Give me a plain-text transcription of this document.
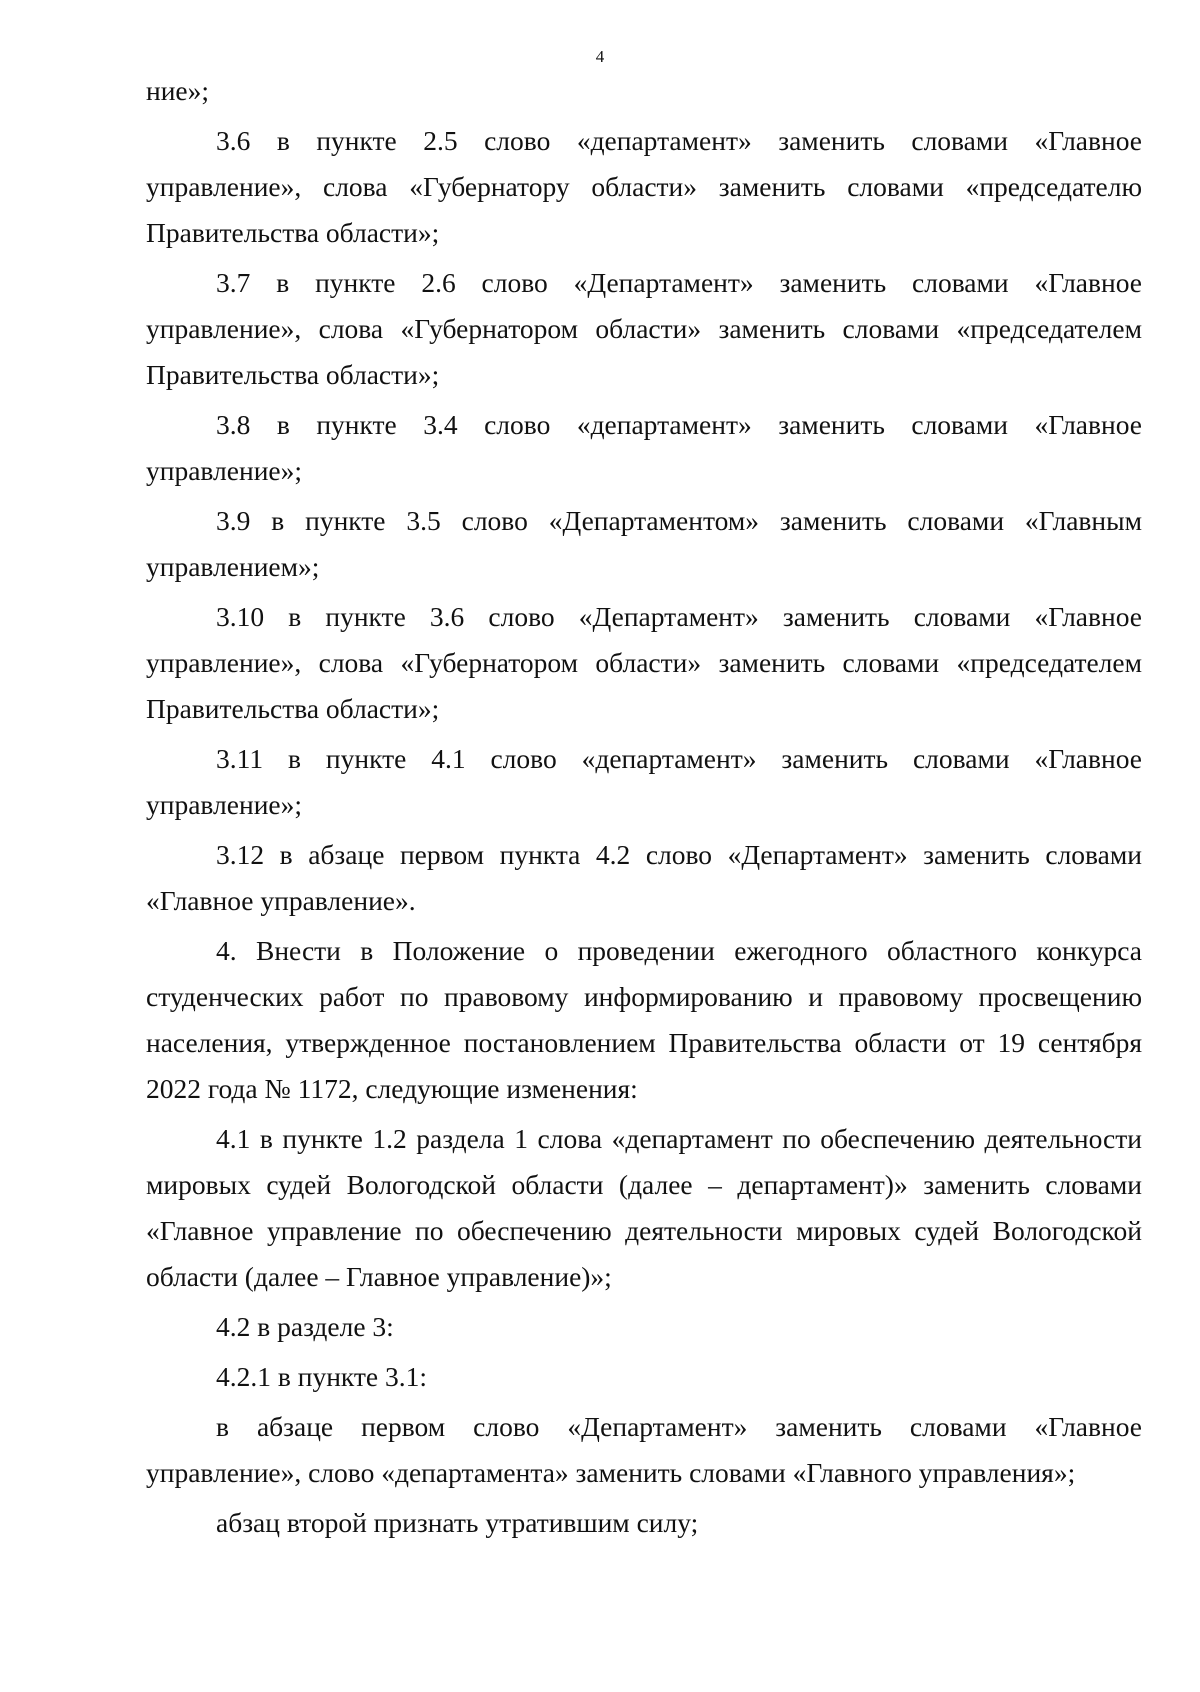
4

ние»;

3.6 в пункте 2.5 слово «департамент» заменить словами «Главное управление», слова «Губернатору области» заменить словами «председателю Правительства области»;

3.7 в пункте 2.6 слово «Департамент» заменить словами «Главное управление», слова «Губернатором области» заменить словами «председателем Правительства области»;

3.8 в пункте 3.4 слово «департамент» заменить словами «Главное управление»;

3.9 в пункте 3.5 слово «Департаментом» заменить словами «Главным управлением»;

3.10 в пункте 3.6 слово «Департамент» заменить словами «Главное управление», слова «Губернатором области» заменить словами «председателем Правительства области»;

3.11 в пункте 4.1 слово «департамент» заменить словами «Главное управление»;

3.12 в абзаце первом пункта 4.2 слово «Департамент» заменить словами «Главное управление».

4. Внести в Положение о проведении ежегодного областного конкурса студенческих работ по правовому информированию и правовому просвещению населения, утвержденное постановлением Правительства области от 19 сентября 2022 года № 1172, следующие изменения:

4.1 в пункте 1.2 раздела 1 слова «департамент по обеспечению деятельности мировых судей Вологодской области (далее – департамент)» заменить словами «Главное управление по обеспечению деятельности мировых судей Вологодской области (далее – Главное управление)»;

4.2 в разделе 3:

4.2.1 в пункте 3.1:

в абзаце первом слово «Департамент» заменить словами «Главное управление», слово «департамента» заменить словами «Главного управления»;

абзац второй признать утратившим силу;
